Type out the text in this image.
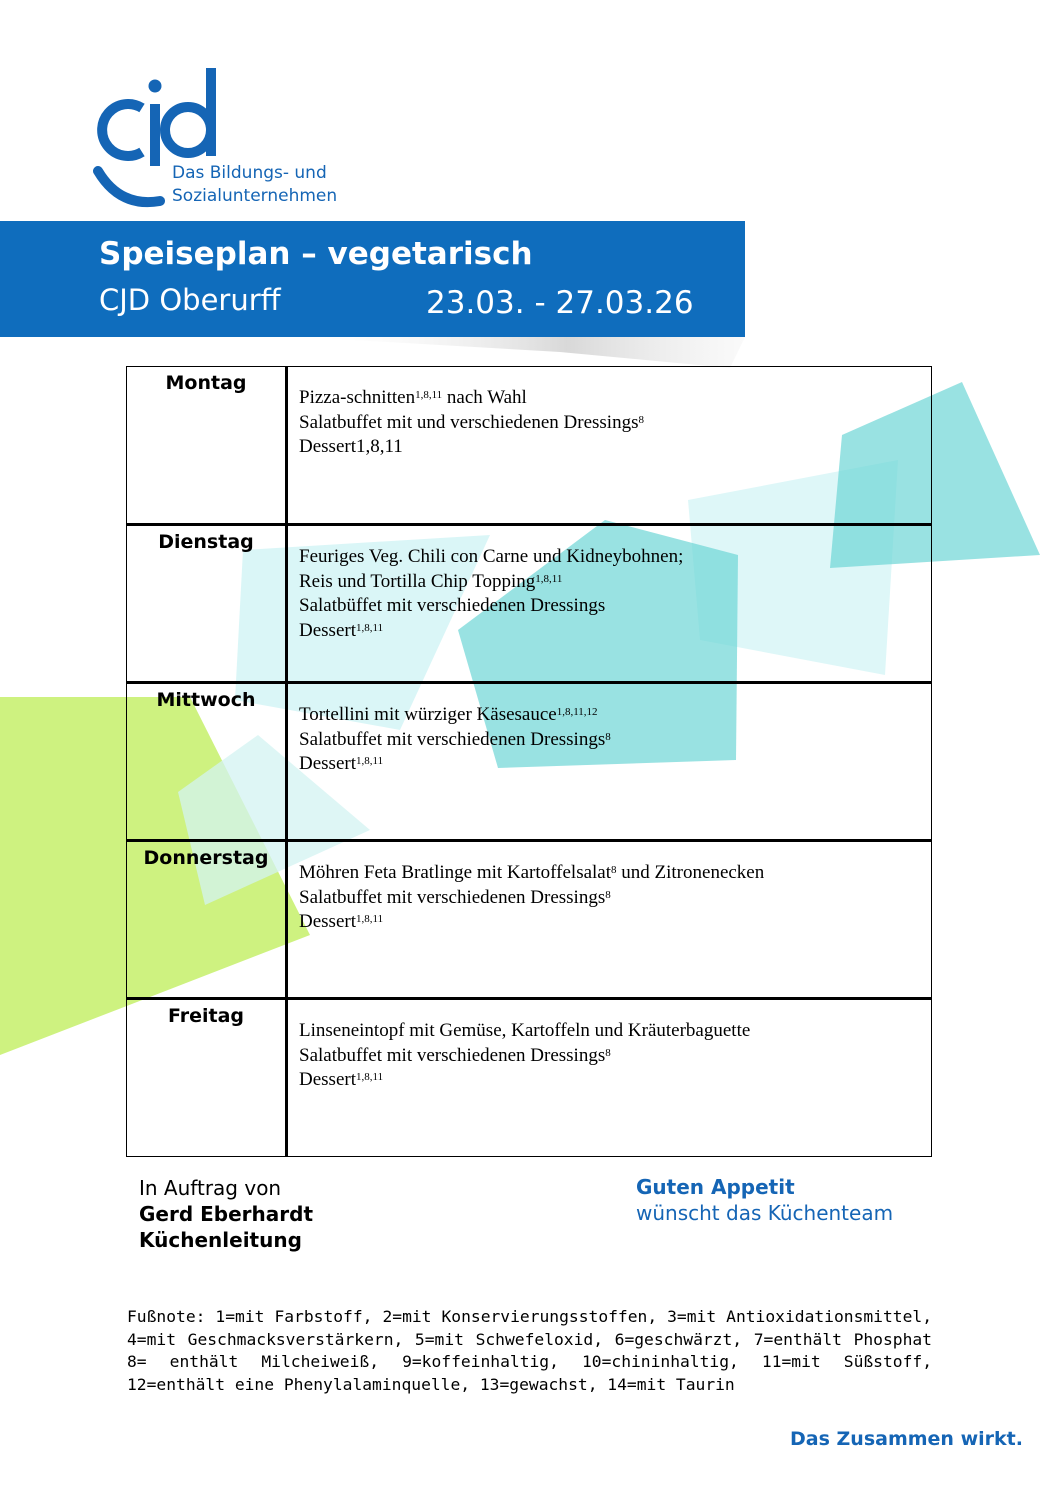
Das Bildungs- und
Sozialunternehmen
Speiseplan – vegetarisch
CJD Oberurff	23.03. - 27.03.26
Montag	Pizza-schnitten$^{1,8,11}$ nach Wahl
Salatbuffet mit und verschiedenen Dressings$^8$
Dessert1,8,11

Dienstag	Feuriges Veg. Chili con Carne und Kidneybohnen;
Reis und Tortilla Chip Topping$^{1,8,11}$
Salatbüffet mit verschiedenen Dressings
Dessert$^{1,8,11}$

Mittwoch	Tortellini mit würziger Käsesauce$^{1,8,11,12}$
Salatbuffet mit verschiedenen Dressings$^8$
Dessert$^{1,8,11}$

Donnerstag	Möhren Feta Bratlinge mit Kartoffelsalat$^8$ und Zitronenecken
Salatbuffet mit verschiedenen Dressings$^8$
Dessert$^{1,8,11}$

Freitag	Linseneintopf mit Gemüse, Kartoffeln und Kräuterbaguette
Salatbuffet mit verschiedenen Dressings$^8$
Dessert$^{1,8,11}$
In Auftrag von
Gerd Eberhardt
Küchenleitung
Guten Appetit
wünscht das Küchenteam
Fußnote: 1=mit Farbstoff, 2=mit Konservierungsstoffen, 3=mit Antioxidationsmittel, 4=mit Geschmacksverstärkern, 5=mit Schwefeloxid, 6=geschwärzt, 7=enthält Phosphat 8= enthält Milcheiweiß, 9=koffeinhaltig, 10=chininhaltig, 11=mit Süßstoff, 12=enthält eine Phenylalaminquelle, 13=gewachst, 14=mit Taurin
Das Zusammen wirkt.
